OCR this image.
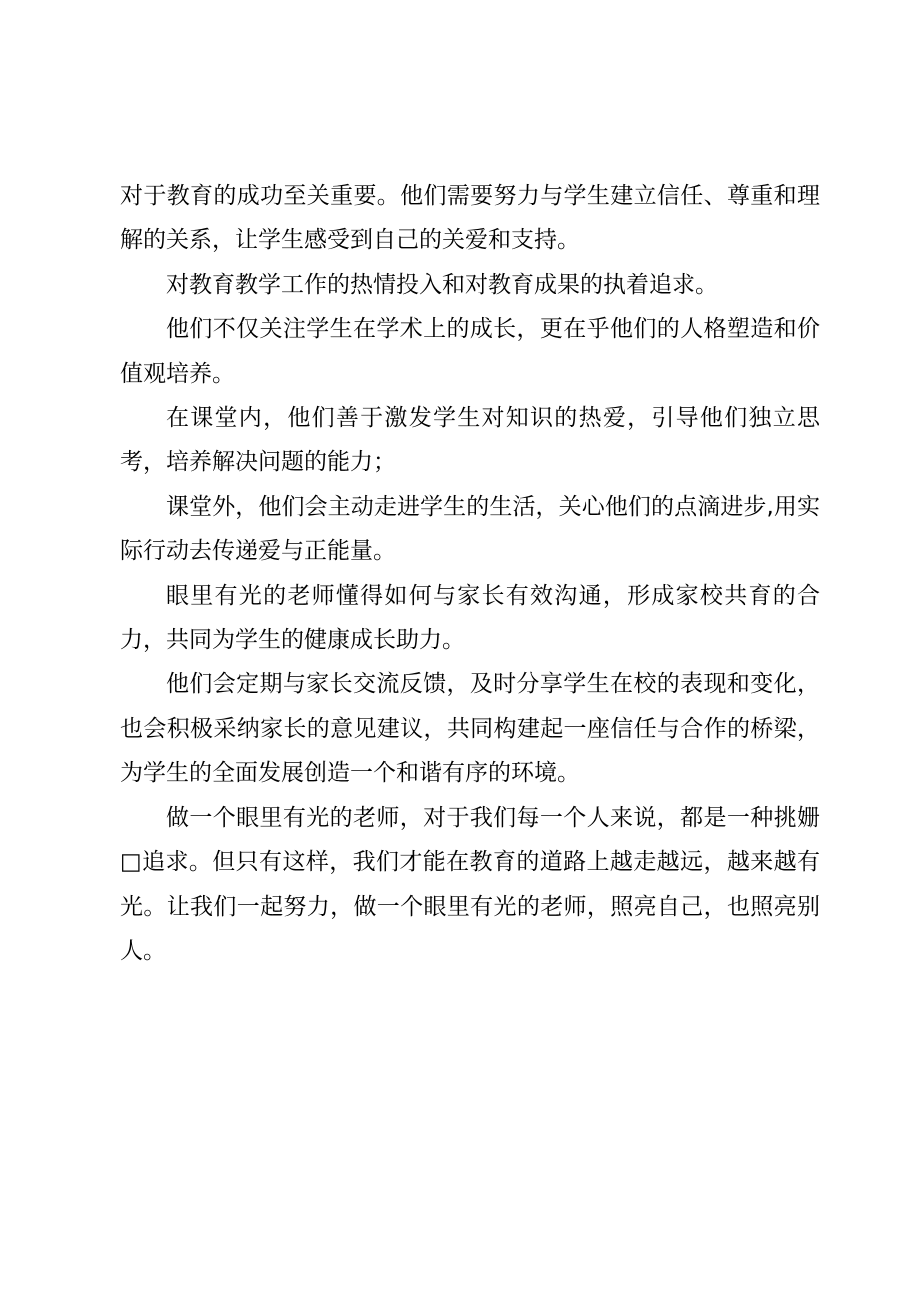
对于教育的成功至关重要。他们需要努力与学生建立信任、尊重和理解的关系，让学生感受到自己的关爱和支持。

对教育教学工作的热情投入和对教育成果的执着追求。

他们不仅关注学生在学术上的成长，更在乎他们的人格塑造和价值观培养。

在课堂内，他们善于激发学生对知识的热爱，引导他们独立思考，培养解决问题的能力；

课堂外，他们会主动走进学生的生活，关心他们的点滴进步,用实际行动去传递爱与正能量。

眼里有光的老师懂得如何与家长有效沟通，形成家校共育的合力，共同为学生的健康成长助力。

他们会定期与家长交流反馈，及时分享学生在校的表现和变化，也会积极采纳家长的意见建议，共同构建起一座信任与合作的桥梁，为学生的全面发展创造一个和谐有序的环境。

做一个眼里有光的老师，对于我们每一个人来说，都是一种挑姗□追求。但只有这样，我们才能在教育的道路上越走越远，越来越有光。让我们一起努力，做一个眼里有光的老师，照亮自己，也照亮别人。
